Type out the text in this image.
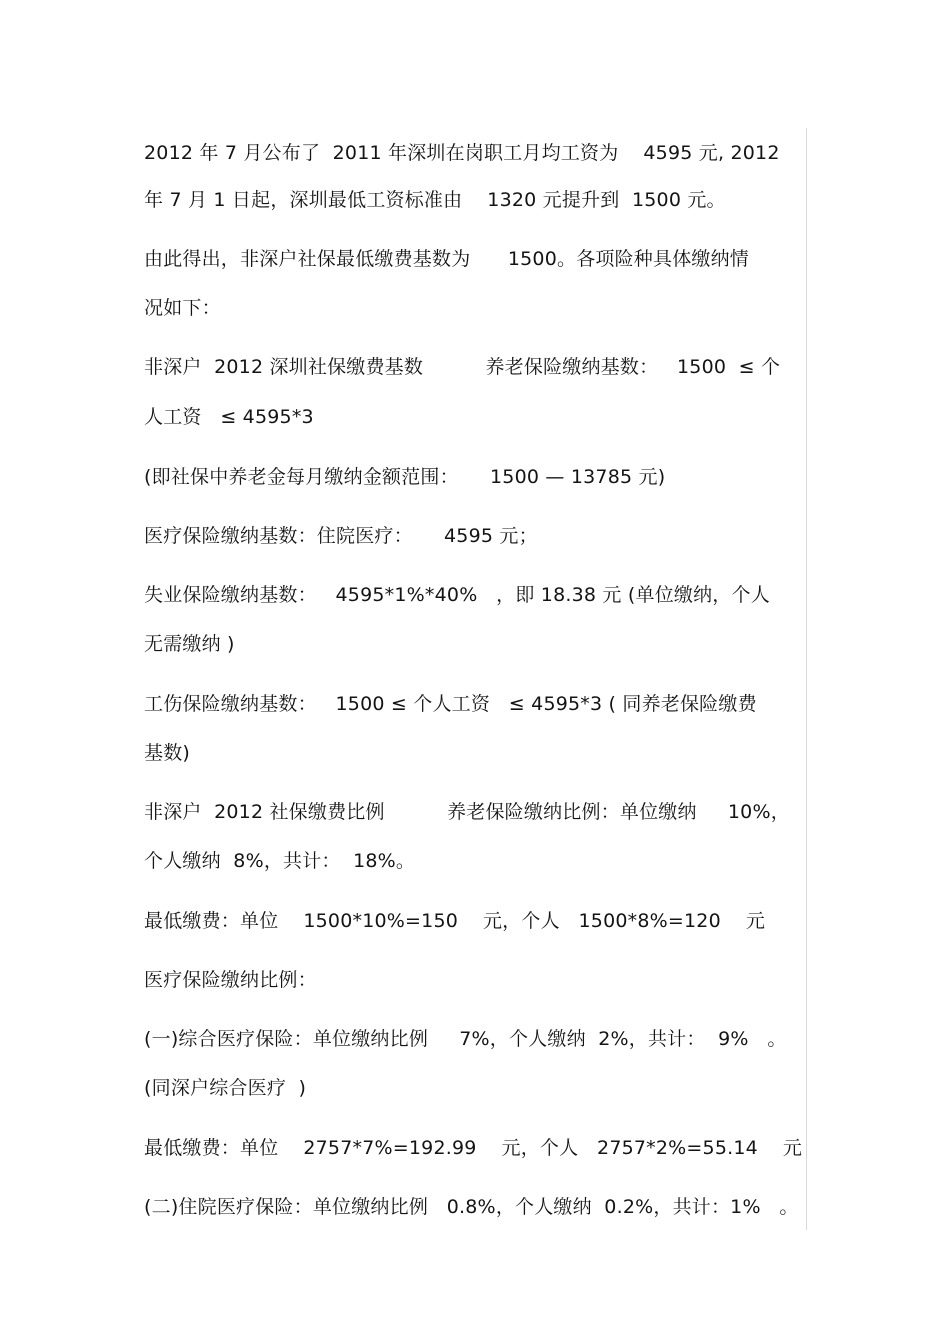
2012 年 7 月公布了  2011 年深圳在岗职工月均工资为    4595 元, 2012

年 7 月 1 日起，深圳最低工资标准由    1320 元提升到  1500 元。

由此得出，非深户社保最低缴费基数为      1500。各项险种具体缴纳情

况如下：

非深户  2012 深圳社保缴费基数          养老保险缴纳基数：   1500  ≤ 个

人工资   ≤ 4595*3

(即社保中养老金每月缴纳金额范围：     1500 — 13785 元)

医疗保险缴纳基数：住院医疗：     4595 元；

失业保险缴纳基数：   4595*1%*40%   ，即 18.38 元 (单位缴纳，个人

无需缴纳 )

工伤保险缴纳基数：   1500 ≤ 个人工资   ≤ 4595*3 ( 同养老保险缴费

基数)

非深户  2012 社保缴费比例          养老保险缴纳比例：单位缴纳     10%，

个人缴纳  8%，共计：  18%。

最低缴费：单位    1500*10%=150    元，个人   1500*8%=120    元

医疗保险缴纳比例：

(一)综合医疗保险：单位缴纳比例     7%，个人缴纳  2%，共计：  9%   。

(同深户综合医疗  )

最低缴费：单位    2757*7%=192.99    元，个人   2757*2%=55.14    元

(二)住院医疗保险：单位缴纳比例   0.8%，个人缴纳  0.2%，共计：1%   。
